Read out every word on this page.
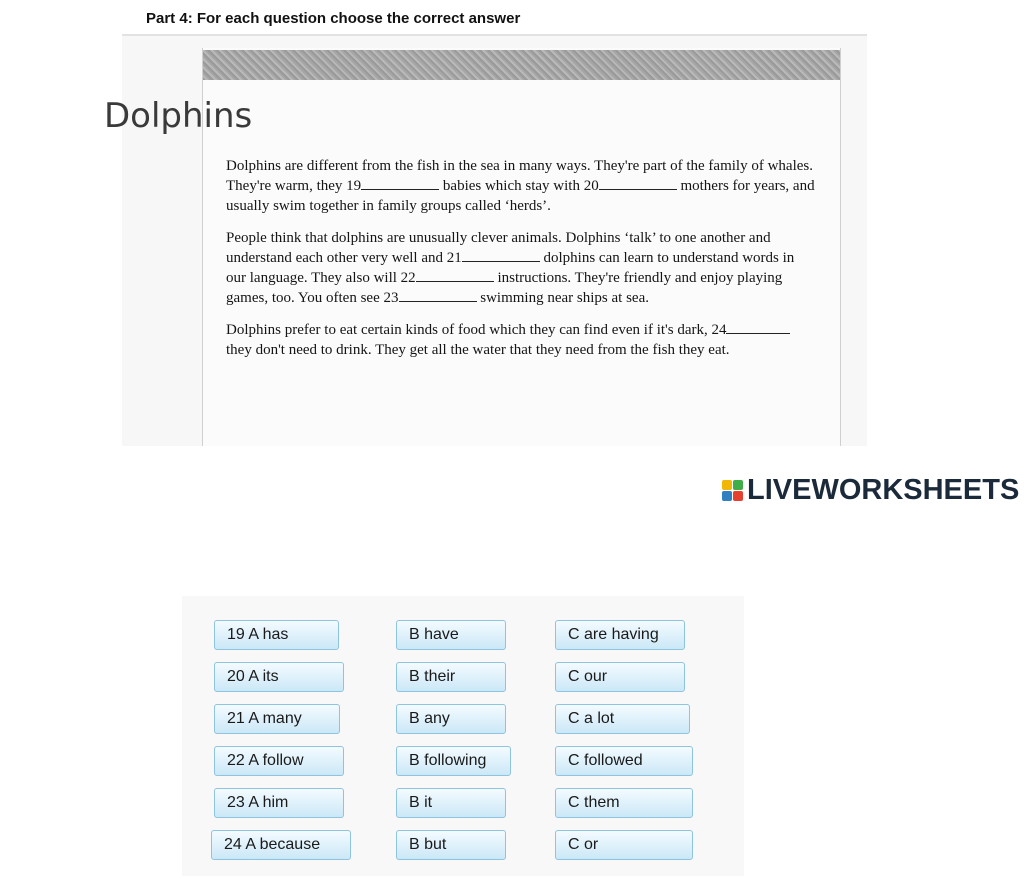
Part 4: For each question choose the correct answer
Dolphins

Dolphins are different from the fish in the sea in many ways. They're part of the family of whales. They're warm, they 19	babies which stay with 20	mothers for years, and usually swim together in family groups called ‘herds’.

People think that dolphins are unusually clever animals. Dolphins ‘talk’ to one another and understand each other very well and 21	dolphins can learn to understand words in our language. They also will 22	instructions. They're friendly and enjoy playing games, too. You often see 23	swimming near ships at sea.

Dolphins prefer to eat certain kinds of food which they can find even if it's dark, 24 they don't need to drink. They get all the water that they need from the fish they eat.

LIVEWORKSHEETS
19 A has	B have	C are having
20 A its	B their	C our
21 A many	B any	C a lot
22 A follow	B following	C followed
23 A him	B it	C them
24 A because	B but	C or
